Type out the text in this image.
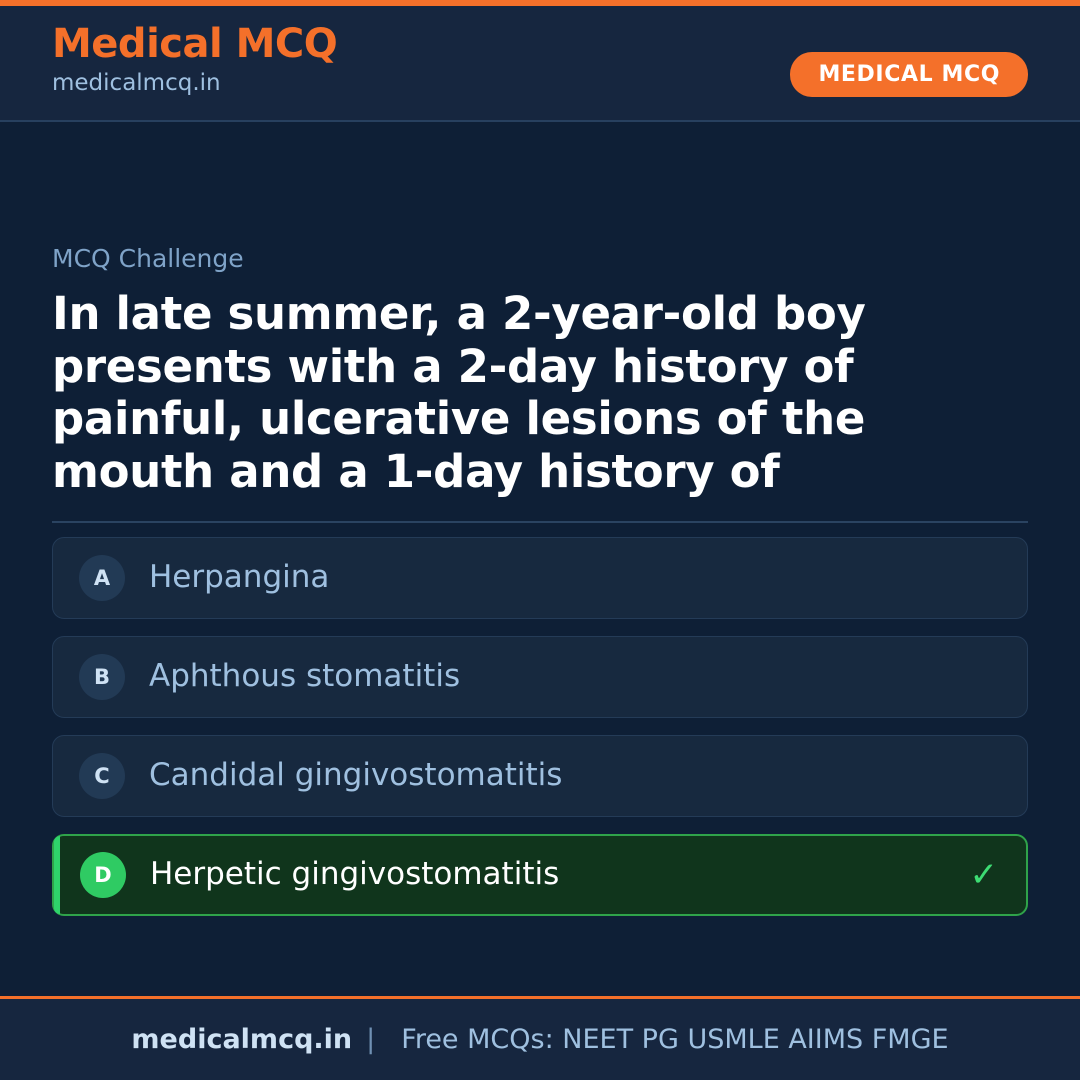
Medical MCQ
medicalmcq.in	MEDICAL MCQ
MCQ Challenge
In late summer, a 2-year-old boy presents with a 2-day history of painful, ulcerative lesions of the mouth and a 1-day history of
A	Herpangina
B	Aphthous stomatitis
C	Candidal gingivostomatitis
D	Herpetic gingivostomatitis	✓
medicalmcq.in | Free MCQs: NEET PG USMLE AIIMS FMGE
